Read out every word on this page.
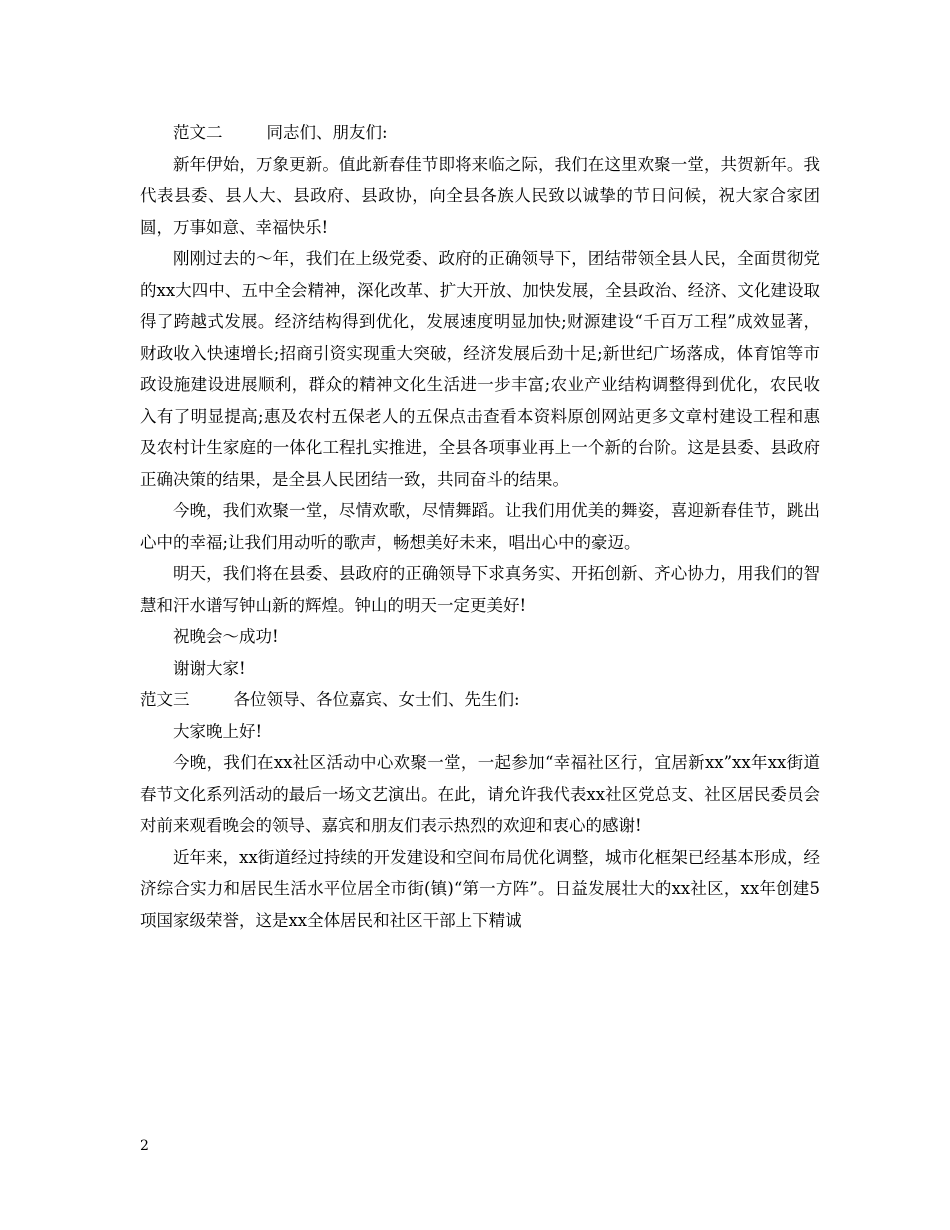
范文二	同志们、朋友们:

新年伊始，万象更新。值此新春佳节即将来临之际，我们在这里欢聚一堂，共贺新年。我代表县委、县人大、县政府、县政协，向全县各族人民致以诚挚的节日问候，祝大家合家团圆，万事如意、幸福快乐!

刚刚过去的～年，我们在上级党委、政府的正确领导下，团结带领全县人民，全面贯彻党的xx大四中、五中全会精神，深化改革、扩大开放、加快发展，全县政治、经济、文化建设取得了跨越式发展。经济结构得到优化，发展速度明显加快;财源建设“千百万工程”成效显著，财政收入快速增长;招商引资实现重大突破，经济发展后劲十足;新世纪广场落成，体育馆等市政设施建设进展顺利，群众的精神文化生活进一步丰富;农业产业结构调整得到优化，农民收入有了明显提高;惠及农村五保老人的五保点击查看本资料原创网站更多文章村建设工程和惠及农村计生家庭的一体化工程扎实推进，全县各项事业再上一个新的台阶。这是县委、县政府正确决策的结果，是全县人民团结一致，共同奋斗的结果。

今晚，我们欢聚一堂，尽情欢歌，尽情舞蹈。让我们用优美的舞姿，喜迎新春佳节，跳出心中的幸福;让我们用动听的歌声，畅想美好未来，唱出心中的豪迈。

明天，我们将在县委、县政府的正确领导下求真务实、开拓创新、齐心协力，用我们的智慧和汗水谱写钟山新的辉煌。钟山的明天一定更美好!

祝晚会～成功!

谢谢大家!

范文三	各位领导、各位嘉宾、女士们、先生们:

大家晚上好!

今晚，我们在xx社区活动中心欢聚一堂，一起参加“幸福社区行，宜居新xx”xx年xx街道春节文化系列活动的最后一场文艺演出。在此，请允许我代表xx社区党总支、社区居民委员会对前来观看晚会的领导、嘉宾和朋友们表示热烈的欢迎和衷心的感谢!

近年来，xx街道经过持续的开发建设和空间布局优化调整，城市化框架已经基本形成，经济综合实力和居民生活水平位居全市街(镇)“第一方阵”。日益发展壮大的xx社区，xx年创建5项国家级荣誉，这是xx全体居民和社区干部上下精诚

2
